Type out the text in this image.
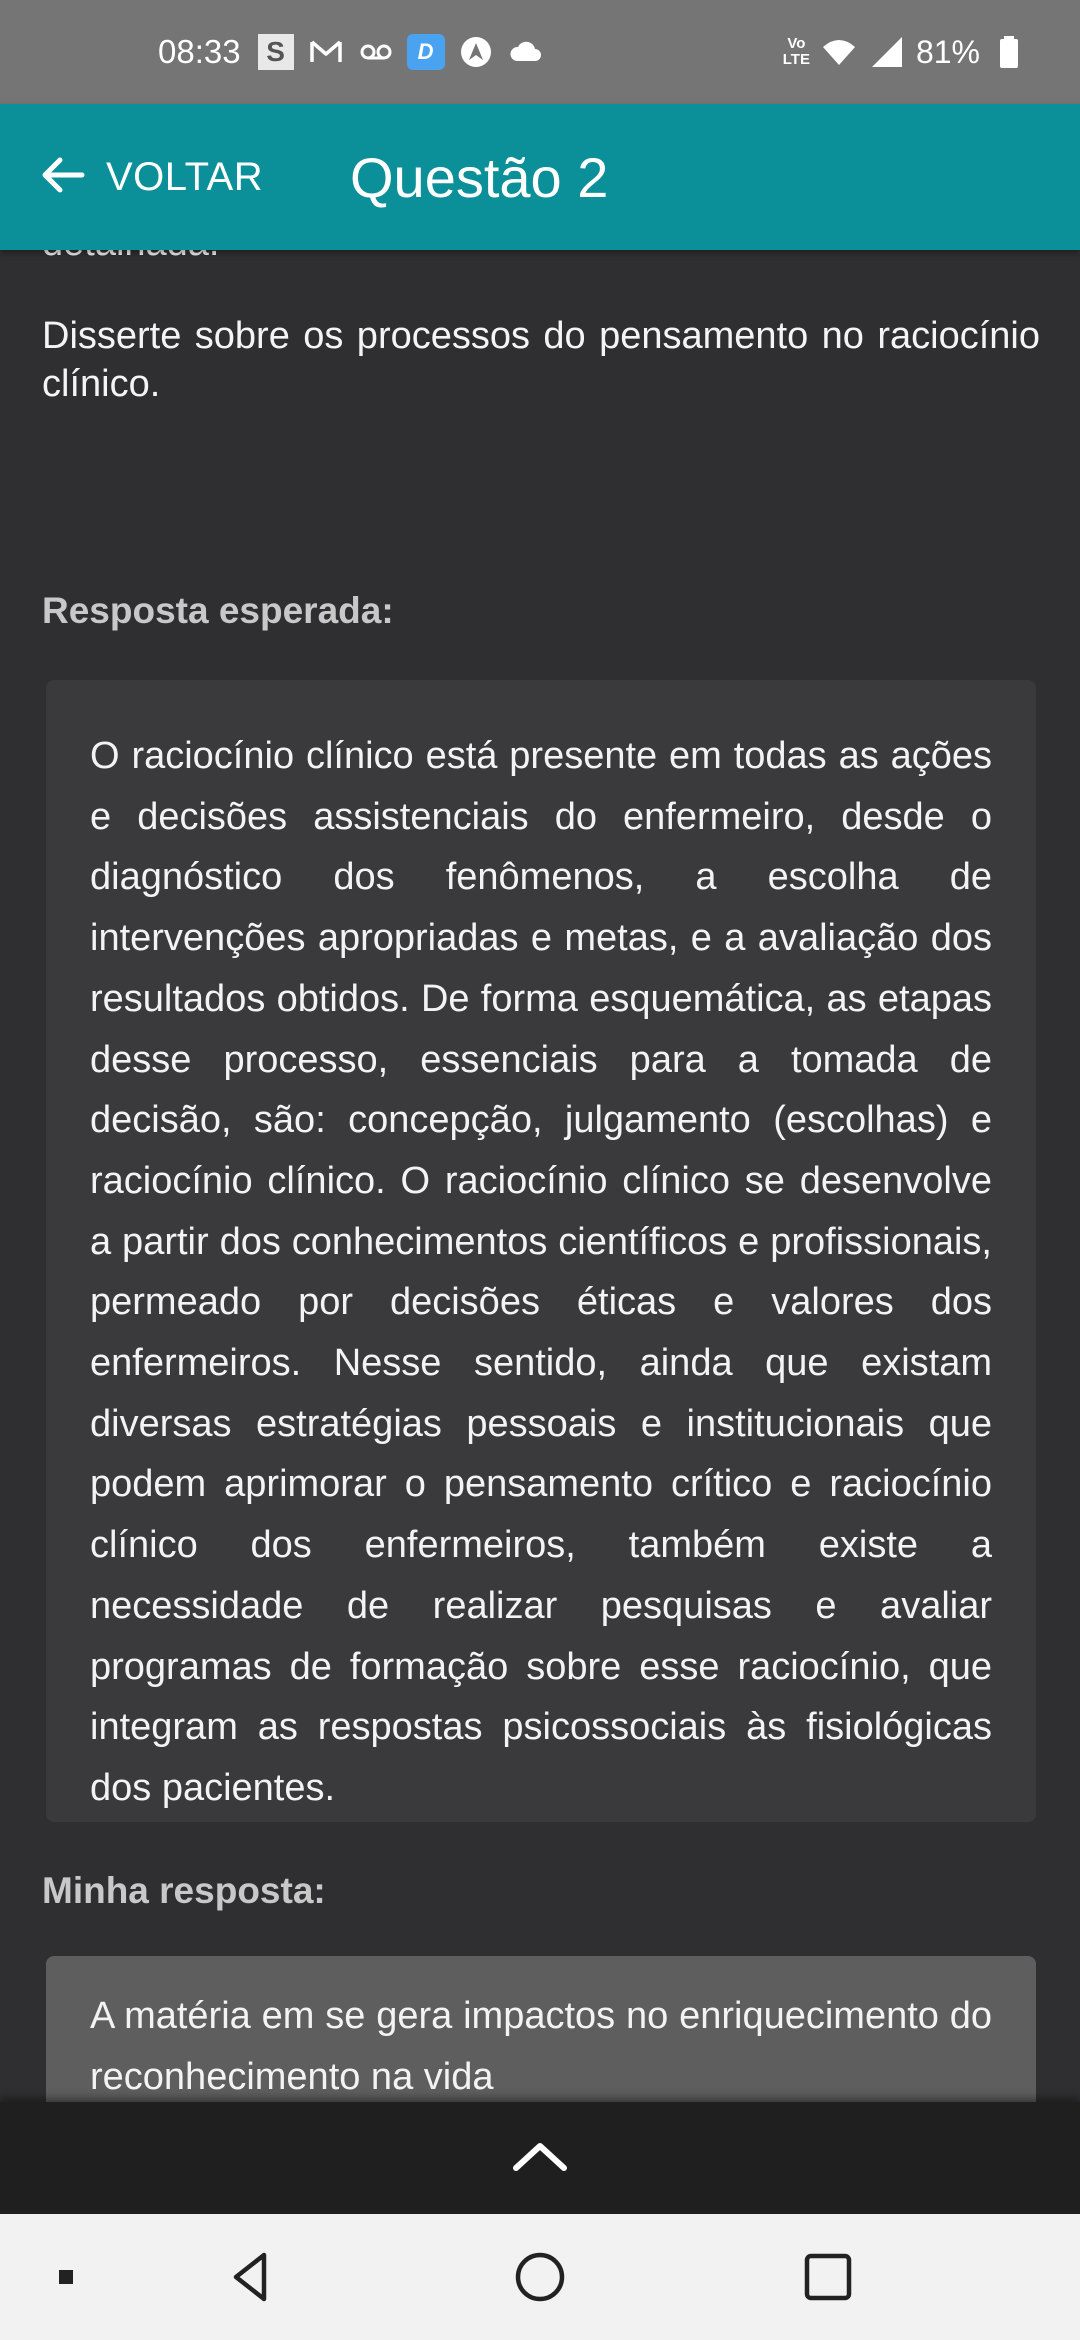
08:33 S	D	Vo
LTE	81%
VOLTAR Questão 2
Disserte sobre os processos do pensamento no raciocínio clínico.
Resposta esperada:
O raciocínio clínico está presente em todas as ações e decisões assistenciais do enfermeiro, desde o diagnóstico dos fenômenos, a escolha de intervenções apropriadas e metas, e a avaliação dos resultados obtidos. De forma esquemática, as etapas desse processo, essenciais para a tomada de decisão, são: concepção, julgamento (escolhas) e raciocínio clínico. O raciocínio clínico se desenvolve a partir dos conhecimentos científicos e profissionais, permeado por decisões éticas e valores dos enfermeiros. Nesse sentido, ainda que existam diversas estratégias pessoais e institucionais que podem aprimorar o pensamento crítico e raciocínio clínico dos enfermeiros, também existe a necessidade de realizar pesquisas e avaliar programas de formação sobre esse raciocínio, que integram as respostas psicossociais às fisiológicas dos pacientes.
Minha resposta:
A matéria em se gera impactos no enriquecimento do reconhecimento na vida
